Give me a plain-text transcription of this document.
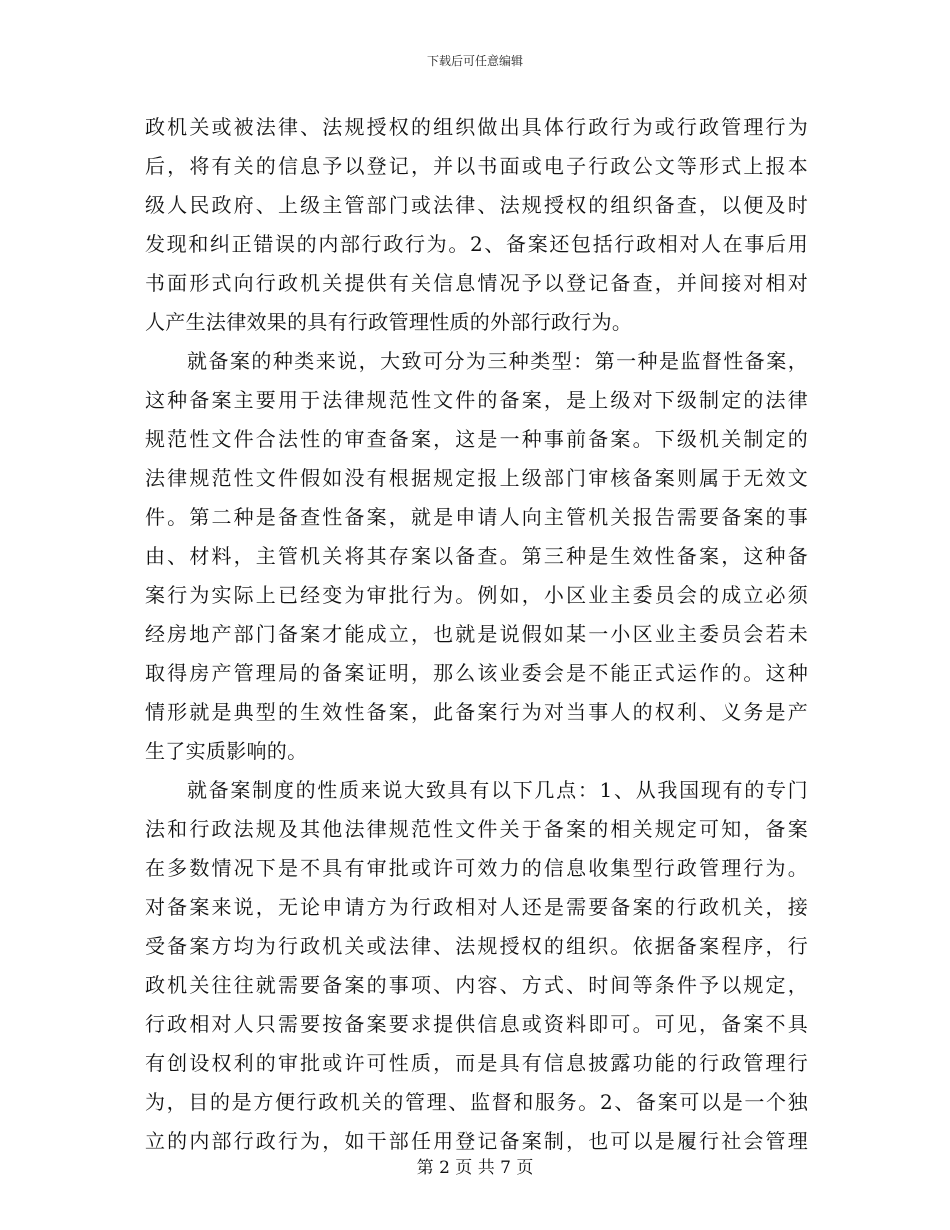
下载后可任意编辑
政机关或被法律、法规授权的组织做出具体行政行为或行政管理行为
后，将有关的信息予以登记，并以书面或电子行政公文等形式上报本
级人民政府、上级主管部门或法律、法规授权的组织备查，以便及时
发现和纠正错误的内部行政行为。2、备案还包括行政相对人在事后用
书面形式向行政机关提供有关信息情况予以登记备查，并间接对相对
人产生法律效果的具有行政管理性质的外部行政行为。
就备案的种类来说，大致可分为三种类型：第一种是监督性备案，
这种备案主要用于法律规范性文件的备案，是上级对下级制定的法律
规范性文件合法性的审查备案，这是一种事前备案。下级机关制定的
法律规范性文件假如没有根据规定报上级部门审核备案则属于无效文
件。第二种是备查性备案，就是申请人向主管机关报告需要备案的事
由、材料，主管机关将其存案以备查。第三种是生效性备案，这种备
案行为实际上已经变为审批行为。例如，小区业主委员会的成立必须
经房地产部门备案才能成立，也就是说假如某一小区业主委员会若未
取得房产管理局的备案证明，那么该业委会是不能正式运作的。这种
情形就是典型的生效性备案，此备案行为对当事人的权利、义务是产
生了实质影响的。
就备案制度的性质来说大致具有以下几点：1、从我国现有的专门
法和行政法规及其他法律规范性文件关于备案的相关规定可知，备案
在多数情况下是不具有审批或许可效力的信息收集型行政管理行为。
对备案来说，无论申请方为行政相对人还是需要备案的行政机关，接
受备案方均为行政机关或法律、法规授权的组织。依据备案程序，行
政机关往往就需要备案的事项、内容、方式、时间等条件予以规定，
行政相对人只需要按备案要求提供信息或资料即可。可见，备案不具
有创设权利的审批或许可性质，而是具有信息披露功能的行政管理行
为，目的是方便行政机关的管理、监督和服务。2、备案可以是一个独
立的内部行政行为，如干部任用登记备案制，也可以是履行社会管理
第 2 页 共 7 页
